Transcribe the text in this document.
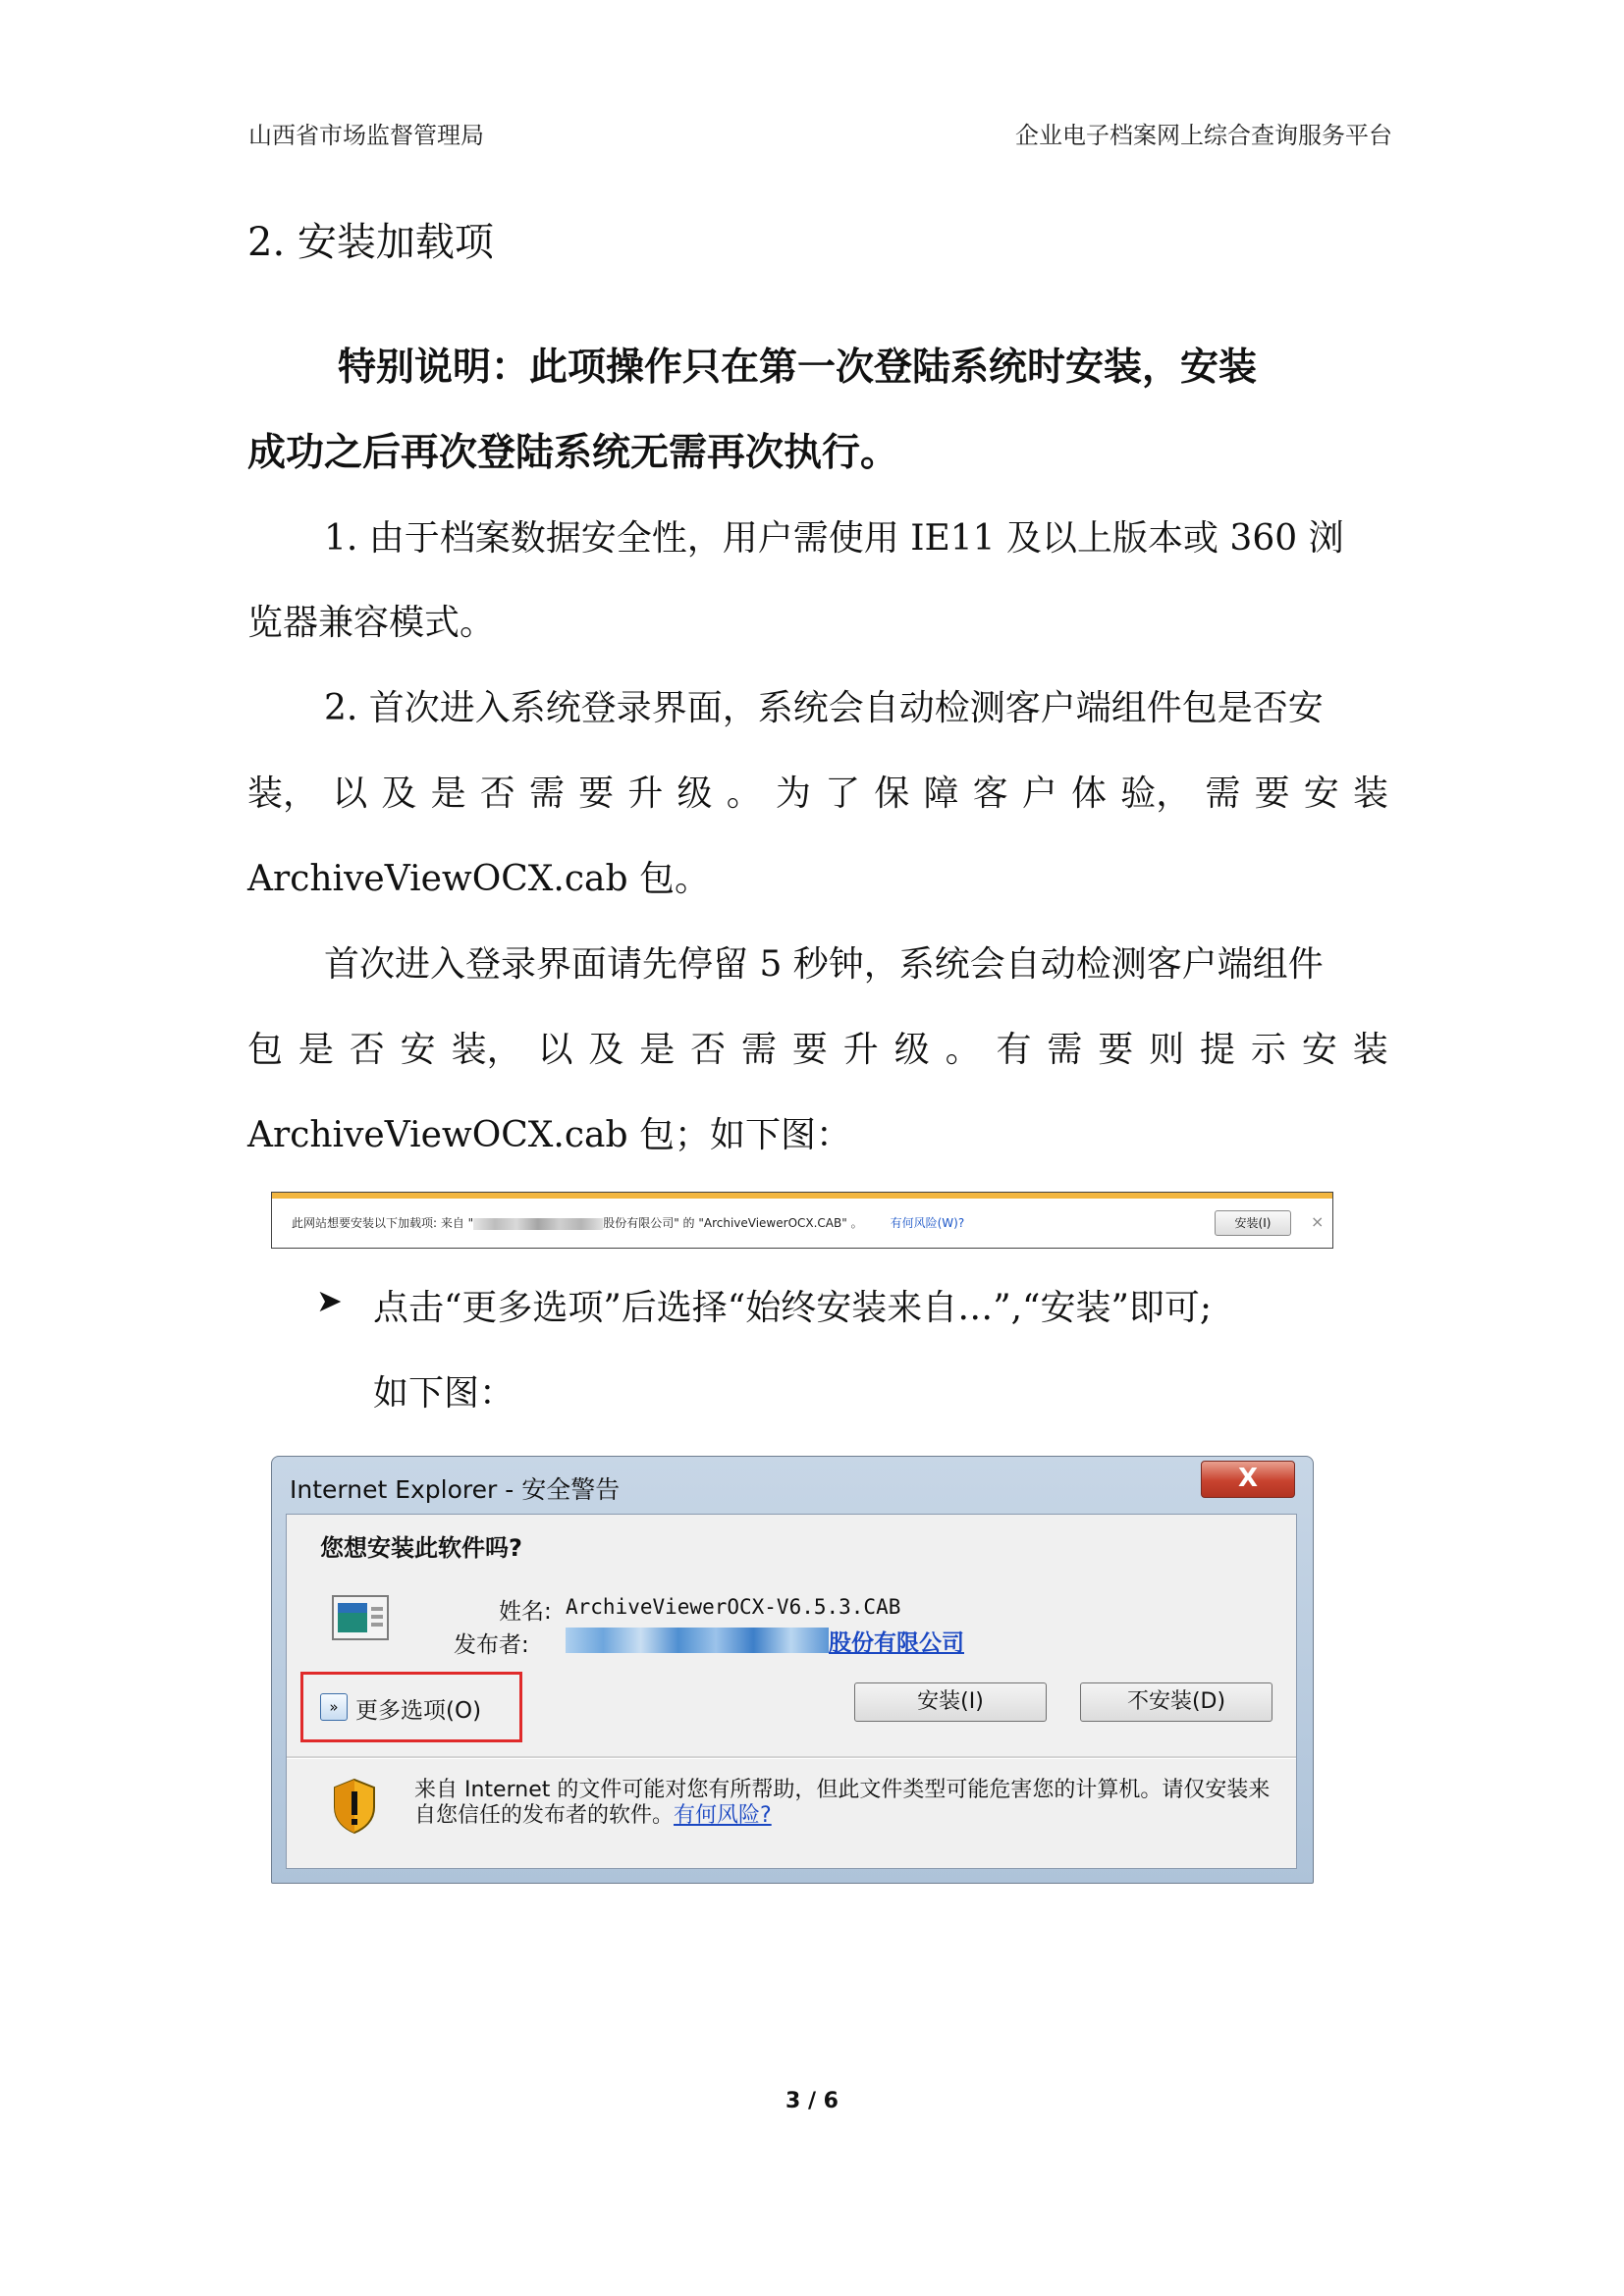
山西省市场监督管理局	企业电子档案网上综合查询服务平台
2. 安装加载项
特别说明：此项操作只在第一次登陆系统时安装，安装
成功之后再次登陆系统无需再次执行。
1. 由于档案数据安全性，用户需使用 IE11 及以上版本或 360 浏
览器兼容模式。
2. 首次进入系统登录界面，系统会自动检测客户端组件包是否安
装， 以 及 是 否 需 要 升 级 。 为 了 保 障 客 户 体 验， 需 要 安 装
ArchiveViewOCX.cab 包。
首次进入登录界面请先停留 5 秒钟，系统会自动检测客户端组件
包 是 否 安 装， 以 及 是 否 需 要 升 级 。 有 需 要 则 提 示 安 装
ArchiveViewOCX.cab 包；如下图：
此网站想要安装以下加载项: 来自 "	股份有限公司" 的 "ArchiveViewerOCX.CAB" 。 有何风险(W)?	安装(I)	×
➤ 点击“更多选项”后选择“始终安装来自…”,“安装”即可;
如下图：
Internet Explorer - 安全警告	X
您想安装此软件吗?
姓名: ArchiveViewerOCX-V6.5.3.CAB
发布者:	股份有限公司
» 更多选项(O)	安装(I)	不安装(D)
来自 Internet 的文件可能对您有所帮助，但此文件类型可能危害您的计算机。请仅安装来自您信任的发布者的软件。有何风险?
3 / 6
